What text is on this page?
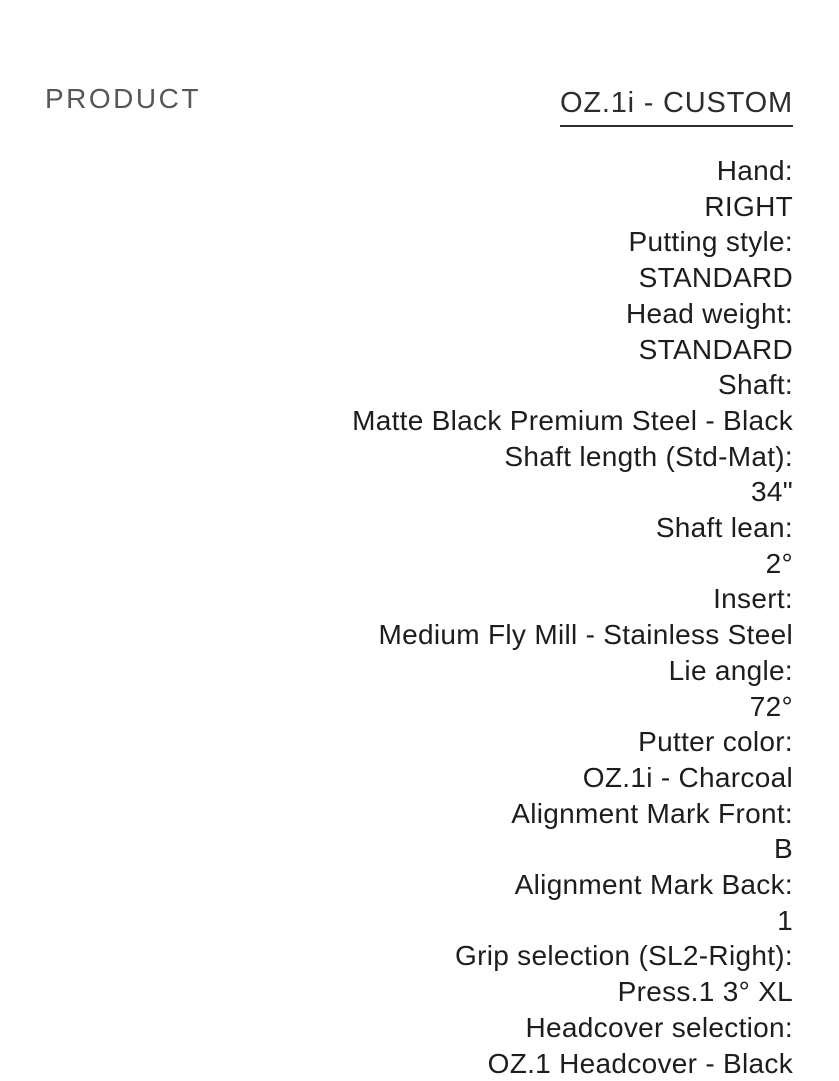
PRODUCT	OZ.1i - CUSTOM
Hand:
RIGHT
Putting style:
STANDARD
Head weight:
STANDARD
Shaft:
Matte Black Premium Steel - Black
Shaft length (Std-Mat):
34"
Shaft lean:
2°
Insert:
Medium Fly Mill - Stainless Steel
Lie angle:
72°
Putter color:
OZ.1i - Charcoal
Alignment Mark Front:
B
Alignment Mark Back:
1
Grip selection (SL2-Right):
Press.1 3° XL
Headcover selection:
OZ.1 Headcover - Black
